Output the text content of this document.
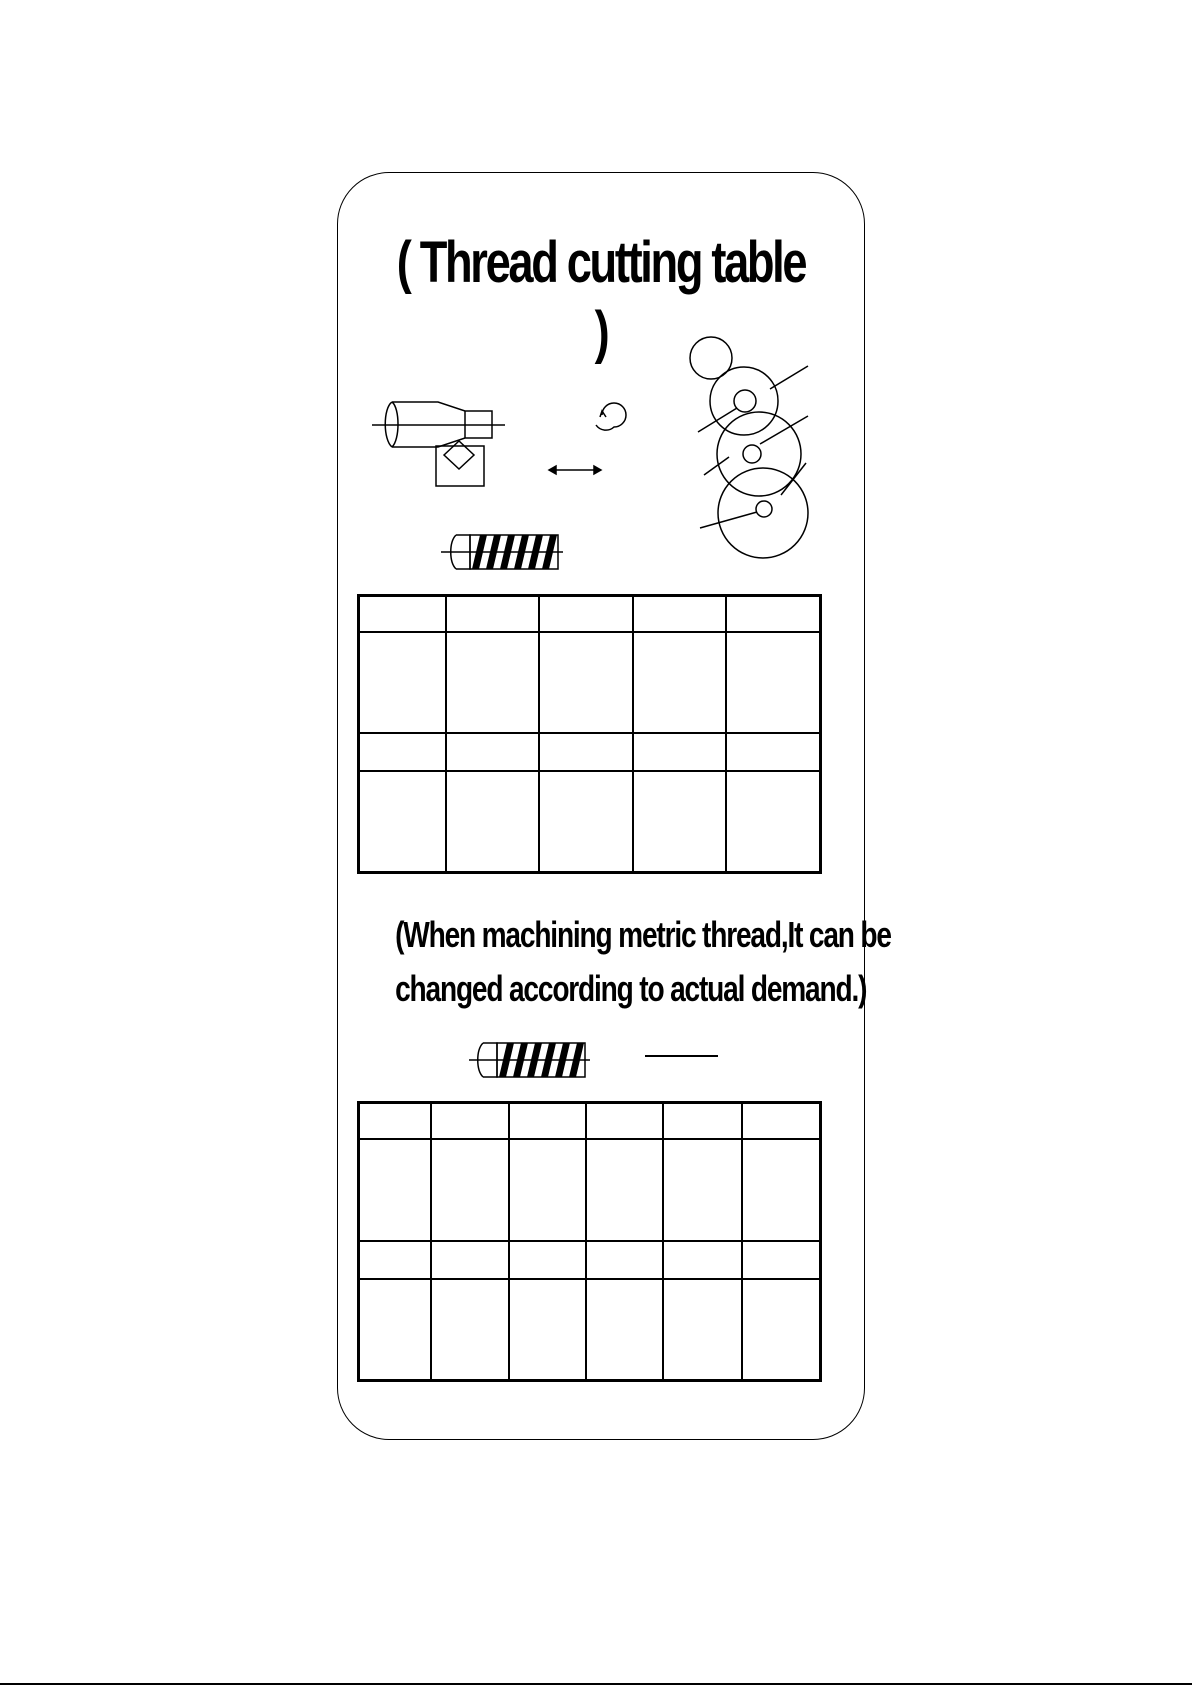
( Thread cutting table )

(When machining metric thread,It can be
changed according to actual demand.)
